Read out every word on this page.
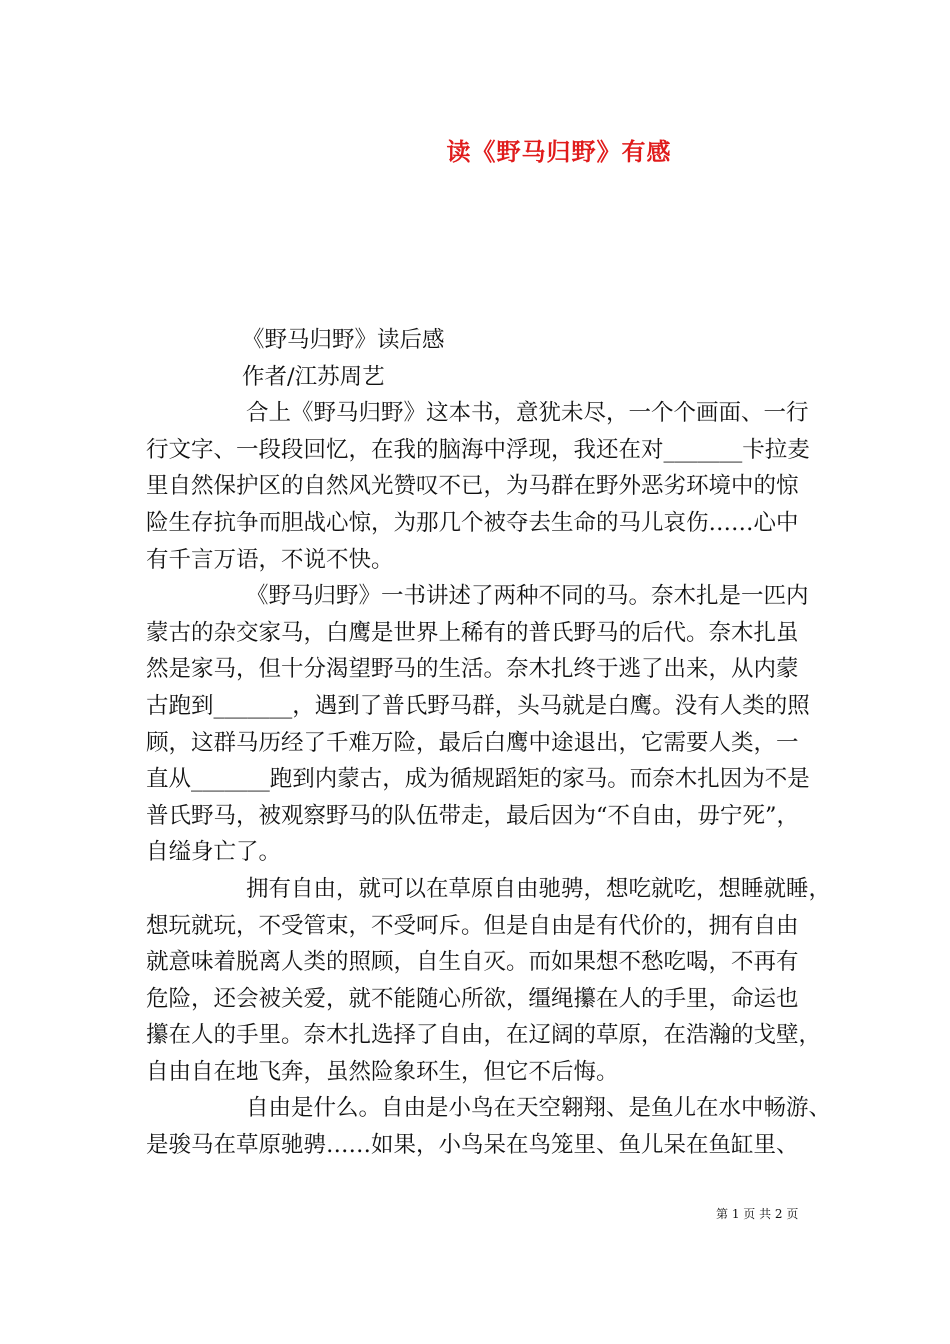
读《野马归野》有感
《野马归野》读后感
作者/江苏周艺
合上《野马归野》这本书，意犹未尽，一个个画面、一行
行文字、一段段回忆，在我的脑海中浮现，我还在对_______卡拉麦
里自然保护区的自然风光赞叹不已，为马群在野外恶劣环境中的惊
险生存抗争而胆战心惊，为那几个被夺去生命的马儿哀伤……心中
有千言万语，不说不快。
《野马归野》一书讲述了两种不同的马。奈木扎是一匹内
蒙古的杂交家马，白鹰是世界上稀有的普氏野马的后代。奈木扎虽
然是家马，但十分渴望野马的生活。奈木扎终于逃了出来，从内蒙
古跑到_______，遇到了普氏野马群，头马就是白鹰。没有人类的照
顾，这群马历经了千难万险，最后白鹰中途退出，它需要人类，一
直从_______跑到内蒙古，成为循规蹈矩的家马。而奈木扎因为不是
普氏野马，被观察野马的队伍带走，最后因为“不自由，毋宁死”，
自缢身亡了。
拥有自由，就可以在草原自由驰骋，想吃就吃，想睡就睡，
想玩就玩，不受管束，不受呵斥。但是自由是有代价的，拥有自由
就意味着脱离人类的照顾，自生自灭。而如果想不愁吃喝，不再有
危险，还会被关爱，就不能随心所欲，缰绳攥在人的手里，命运也
攥在人的手里。奈木扎选择了自由，在辽阔的草原，在浩瀚的戈壁，
自由自在地飞奔，虽然险象环生，但它不后悔。
自由是什么。自由是小鸟在天空翱翔、是鱼儿在水中畅游、
是骏马在草原驰骋……如果，小鸟呆在鸟笼里、鱼儿呆在鱼缸里、
第 1 页 共 2 页
